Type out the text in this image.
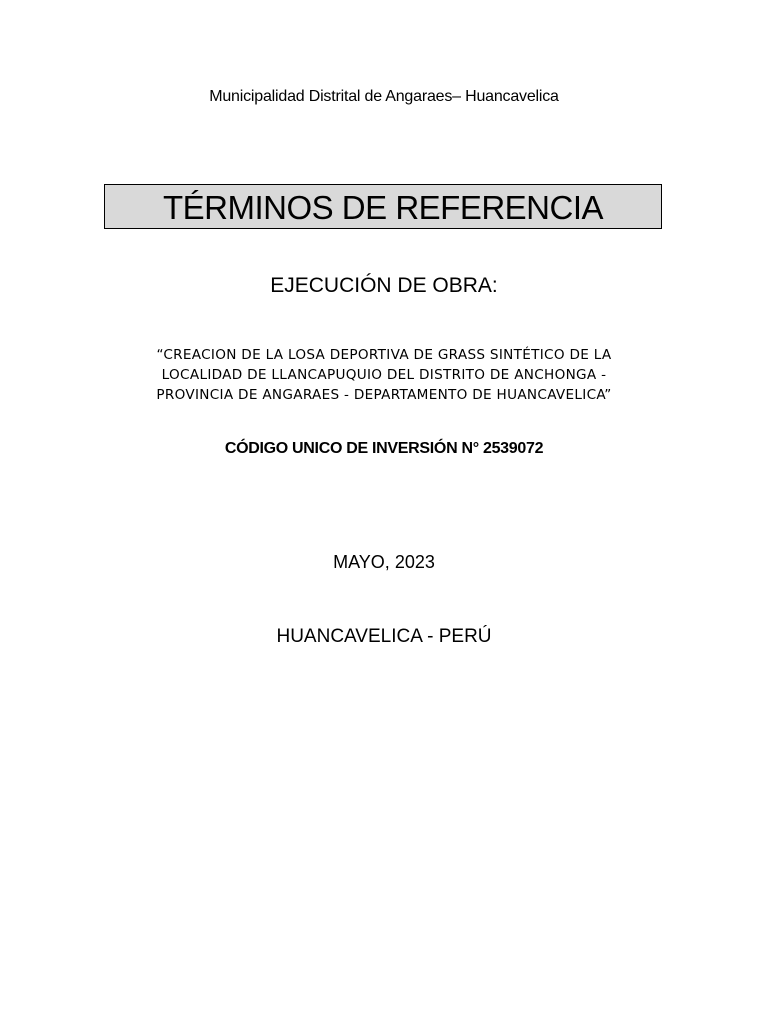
Municipalidad Distrital de Angaraes– Huancavelica
TÉRMINOS DE REFERENCIA
EJECUCIÓN DE OBRA:
“CREACION DE LA LOSA DEPORTIVA DE GRASS SINTÉTICO DE LA
LOCALIDAD DE LLANCAPUQUIO DEL DISTRITO DE ANCHONGA -
PROVINCIA DE ANGARAES - DEPARTAMENTO DE HUANCAVELICA”
CÓDIGO UNICO DE INVERSIÓN N° 2539072
MAYO, 2023
HUANCAVELICA - PERÚ
